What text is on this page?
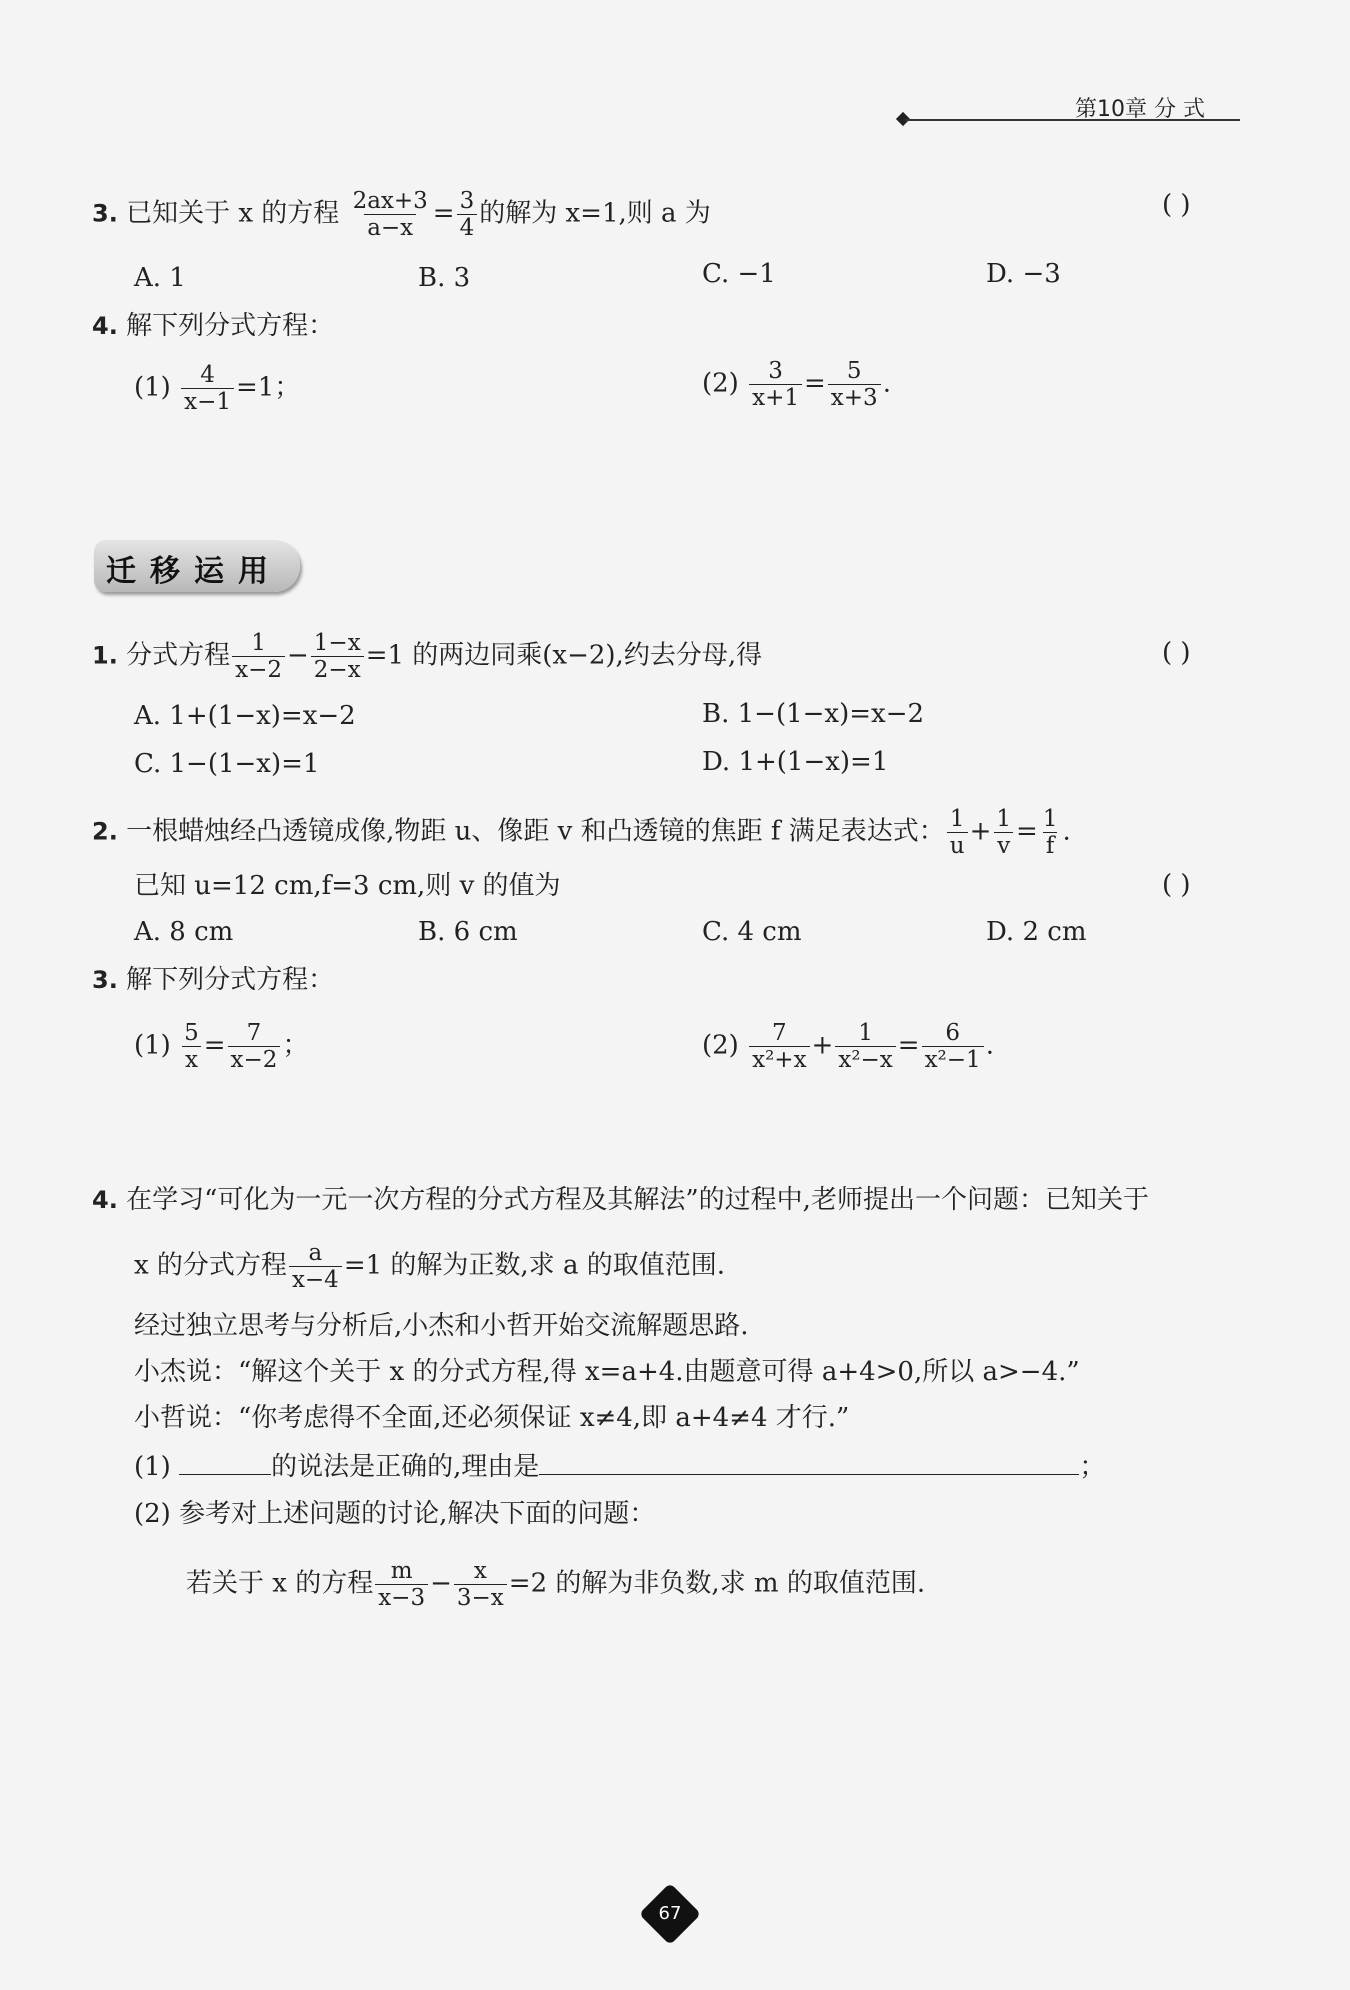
第10章 分 式
3. 已知关于 x 的方程 $\frac{2ax+3}{a-x} = \frac{3}{4}$ 的解为 x=1,则 a 为	( )
A. 1	B. 3	C. −1	D. −3
4. 解下列分式方程：
$(1) \frac{4}{x-1} =1$；	$(2) \frac{3}{x+1} = \frac{5}{x+3}$ .
迁移运用
1. 分式方程 $\frac{1}{x-2} - \frac{1-x}{2-x} =1$ 的两边同乘(x−2),约去分母,得	( )
A. 1+(1−x)=x−2	B. 1−(1−x)=x−2
C. 1−(1−x)=1	D. 1+(1−x)=1
2. 一根蜡烛经凸透镜成像,物距 u、像距 v 和凸透镜的焦距 f 满足表达式： $\frac{1}{u} + \frac{1}{v} = \frac{1}{f}$ .
已知 u=12 cm,f=3 cm,则 v 的值为	( )
A. 8 cm	B. 6 cm	C. 4 cm	D. 2 cm
3. 解下列分式方程：
$(1) \frac{5}{x} = \frac{7}{x-2}$ ；	$(2) \frac{7}{\text{x²+x}} + \frac{1}{\text{x²−x}} = \frac{6}{\text{x²−1}}$ .
4. 在学习“可化为一元一次方程的分式方程及其解法”的过程中,老师提出一个问题：已知关于
x 的分式方程 $\frac{a}{x-4} =1$ 的解为正数,求 a 的取值范围.
经过独立思考与分析后,小杰和小哲开始交流解题思路.
小杰说：“解这个关于 x 的分式方程,得 x=a+4.由题意可得 a+4>0,所以 a>−4.”
小哲说：“你考虑得不全面,还必须保证 x≠4,即 a+4≠4 才行.”
(1)	的说法是正确的,理由是	；
(2) 参考对上述问题的讨论,解决下面的问题：
若关于 x 的方程 $\frac{m}{x-3} - \frac{x}{3-x} =2$ 的解为非负数,求 m 的取值范围.
67
